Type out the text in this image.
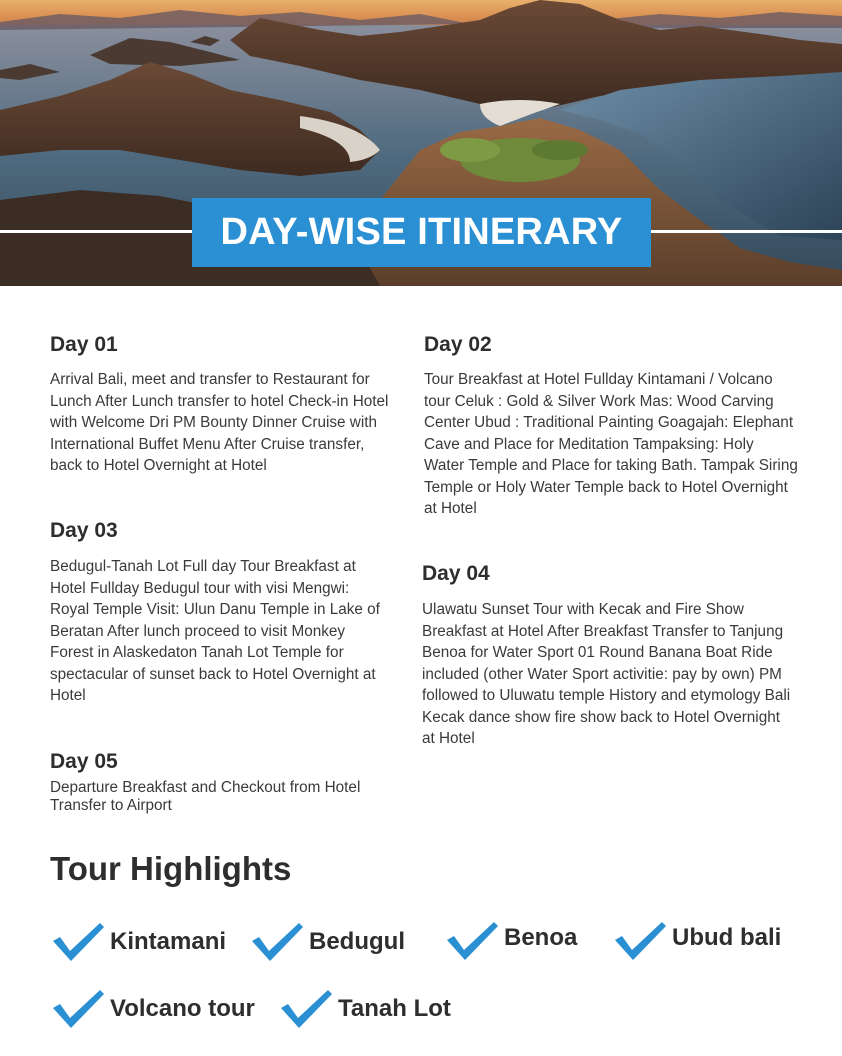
DAY-WISE ITINERARY
Day 01

Arrival Bali, meet and transfer to Restaurant for Lunch After Lunch transfer to hotel Check-in Hotel with Welcome Dri PM Bounty Dinner Cruise with International Buffet Menu After Cruise transfer, back to Hotel Overnight at Hotel

Day 02

Tour Breakfast at Hotel Fullday Kintamani / Volcano tour Celuk : Gold & Silver Work Mas: Wood Carving Center Ubud : Traditional Painting Goagajah: Elephant Cave and Place for Meditation Tampaksing: Holy Water Temple and Place for taking Bath. Tampak Siring Temple or Holy Water Temple back to Hotel Overnight at Hotel

Day 03

Bedugul-Tanah Lot Full day Tour Breakfast at Hotel Fullday Bedugul tour with visi Mengwi: Royal Temple Visit: Ulun Danu Temple in Lake of Beratan After lunch proceed to visit Monkey Forest in Alaskedaton Tanah Lot Temple for spectacular of sunset back to Hotel Overnight at Hotel

Day 04

Ulawatu Sunset Tour with Kecak and Fire Show Breakfast at Hotel After Breakfast Transfer to Tanjung Benoa for Water Sport 01 Round Banana Boat Ride included (other Water Sport activitie: pay by own) PM followed to Uluwatu temple History and etymology Bali Kecak dance show fire show back to Hotel Overnight at Hotel

Day 05

Departure Breakfast and Checkout from Hotel Transfer to Airport

Tour Highlights
Kintamani	Bedugul	Benoa	Ubud bali
Volcano tour	Tanah Lot
